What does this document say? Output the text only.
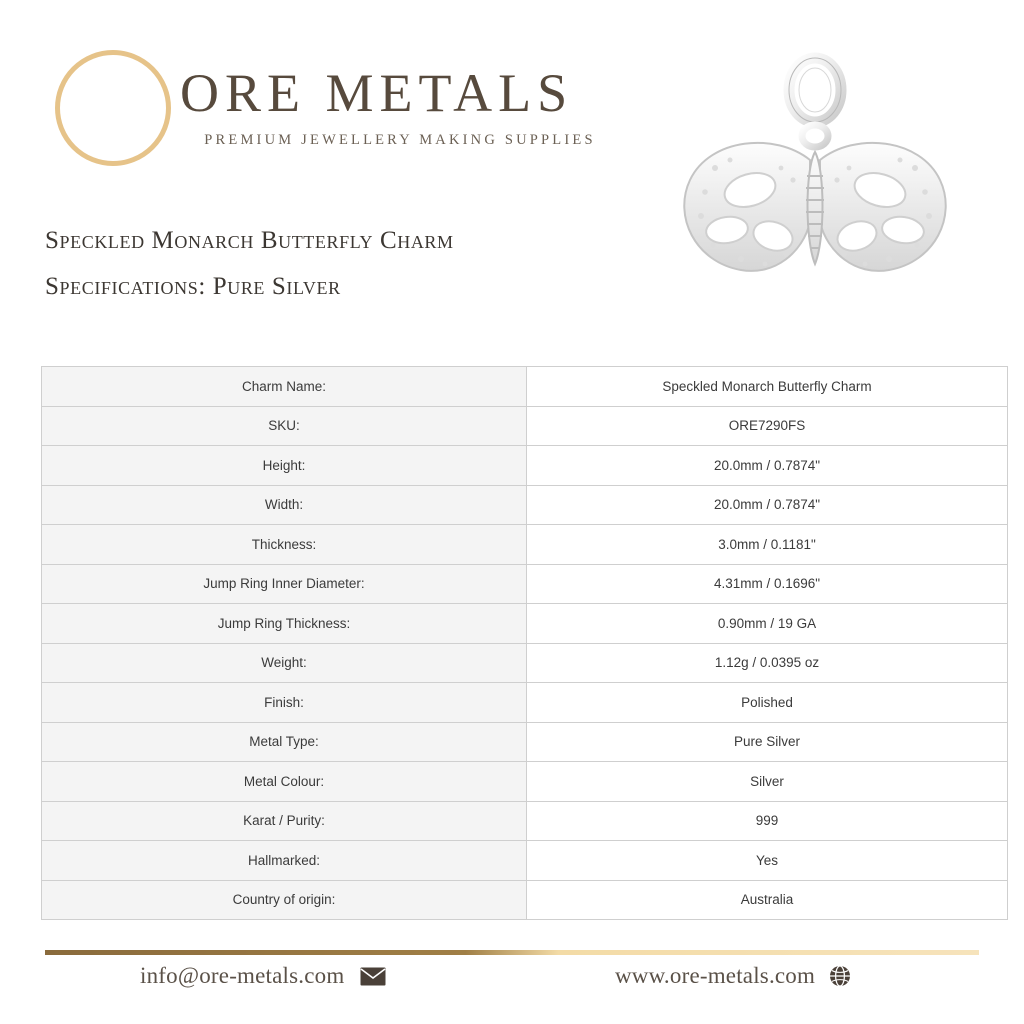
ORE METALS
PREMIUM JEWELLERY MAKING SUPPLIES
Speckled Monarch Butterfly Charm
Specifications: Pure Silver
Charm Name:	Speckled Monarch Butterfly Charm
SKU:	ORE7290FS
Height:	20.0mm / 0.7874"
Width:	20.0mm / 0.7874"
Thickness:	3.0mm / 0.1181"
Jump Ring Inner Diameter:	4.31mm / 0.1696"
Jump Ring Thickness:	0.90mm / 19 GA
Weight:	1.12g / 0.0395 oz
Finish:	Polished
Metal Type:	Pure Silver
Metal Colour:	Silver
Karat / Purity:	999
Hallmarked:	Yes
Country of origin:	Australia
info@ore-metals.com	www.ore-metals.com
